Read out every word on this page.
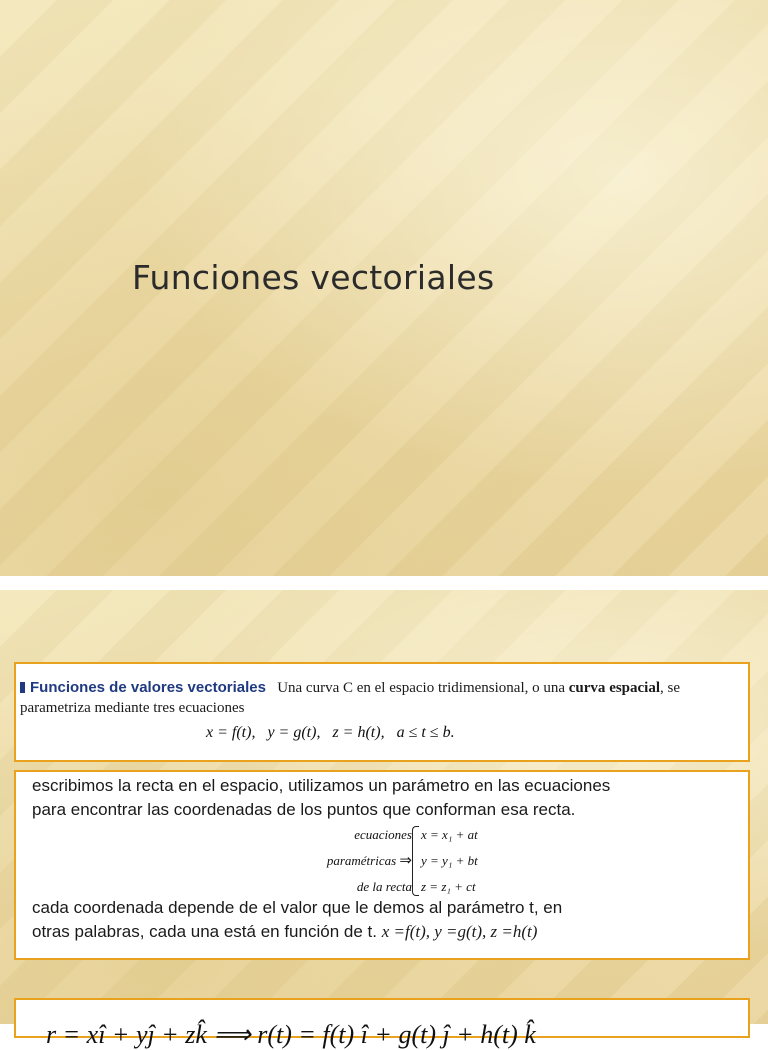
Funciones vectoriales
Funciones de valores vectoriales Una curva C en el espacio tridimensional, o una curva espacial, se parametriza mediante tres ecuaciones
x = f(t),   y = g(t),   z = h(t),   a ≤ t ≤ b.
escribimos la recta en el espacio, utilizamos un parámetro en las ecuaciones
para encontrar las coordenadas de los puntos que conforman esa recta.
ecuaciones
paramétricas ⇒
de la recta
x = x₁ + at
y = y₁ + bt
z = z₁ + ct
cada coordenada depende de el valor que le demos al parámetro t, en
otras palabras, cada una está en función de t. x =f(t), y =g(t), z =h(t)
r = xî + yĵ + zk̂ ⟹ r(t) = f(t) î + g(t) ĵ + h(t) k̂
